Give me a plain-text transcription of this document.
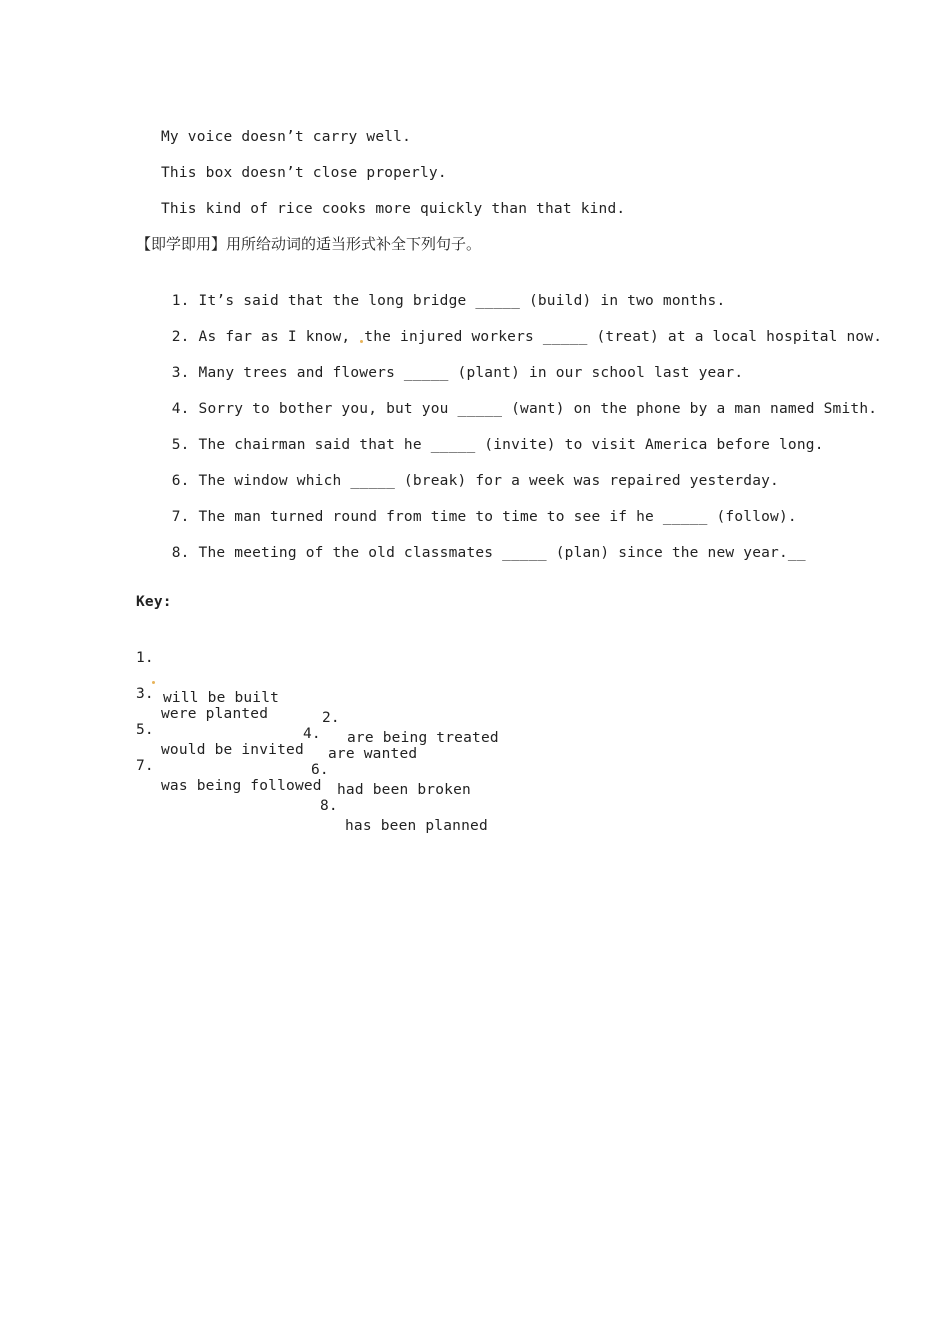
My voice doesn’t carry well.
This box doesn’t close properly.
This kind of rice cooks more quickly than that kind.
【即学即用】用所给动词的适当形式补全下列句子。

1. It’s said that the long bridge _____ (build) in two months.

2. As far as I know, the injured workers _____ (treat) at a local hospital now.

3. Many trees and flowers _____ (plant) in our school last year.

4. Sorry to bother you, but you _____ (want) on the phone by a man named Smith.

5. The chairman said that he _____ (invite) to visit America before long.

6. The window which _____ (break) for a week was repaired yesterday.

7. The man turned round from time to time to see if he _____ (follow).

8. The meeting of the old classmates _____ (plan) since the new year.__

Key:

1.

will be built

2.

are being treated

3.

were planted

4.

are wanted

5.

would be invited

6.

had been broken

7.

was being followed

8.

has been planned
